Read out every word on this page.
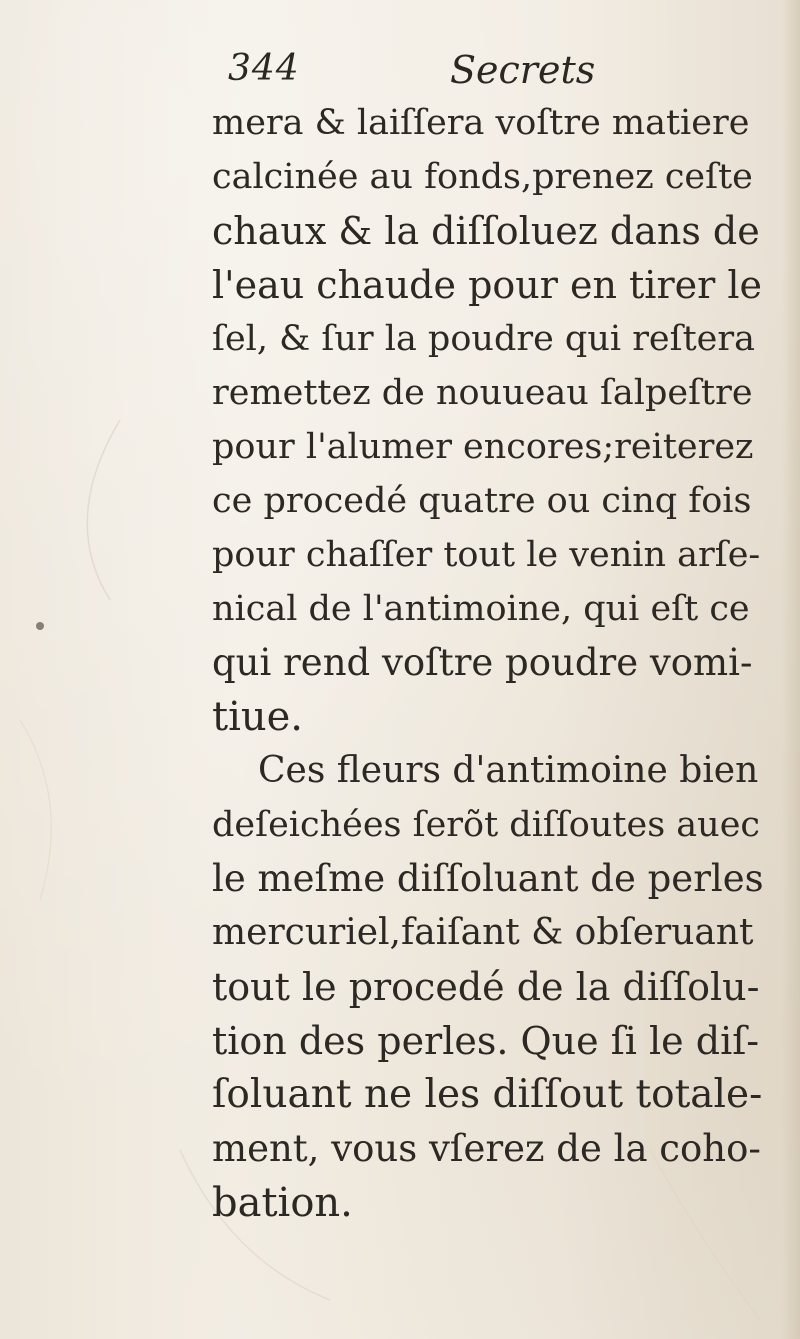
344	Secrets
mera & laiſſera voſtre matiere
calcinée au fonds,prenez ceſte
chaux & la diſſoluez dans de
l'eau chaude pour en tirer le
ſel, & ſur la poudre qui reſtera
remettez de nouueau ſalpeſtre
pour l'alumer encores;reiterez
ce procedé quatre ou cinq fois
pour chaſſer tout le venin arſe-
nical de l'antimoine, qui eſt ce
qui rend voſtre poudre vomi-
tiue.
Ces fleurs d'antimoine bien
deſeichées ſerõt diſſoutes auec
le meſme diſſoluant de perles
mercuriel,faiſant & obſeruant
tout le procedé de la diſſolu-
tion des perles. Que ſi le diſ-
ſoluant ne les diſſout totale-
ment, vous vſerez de la coho-
bation.
